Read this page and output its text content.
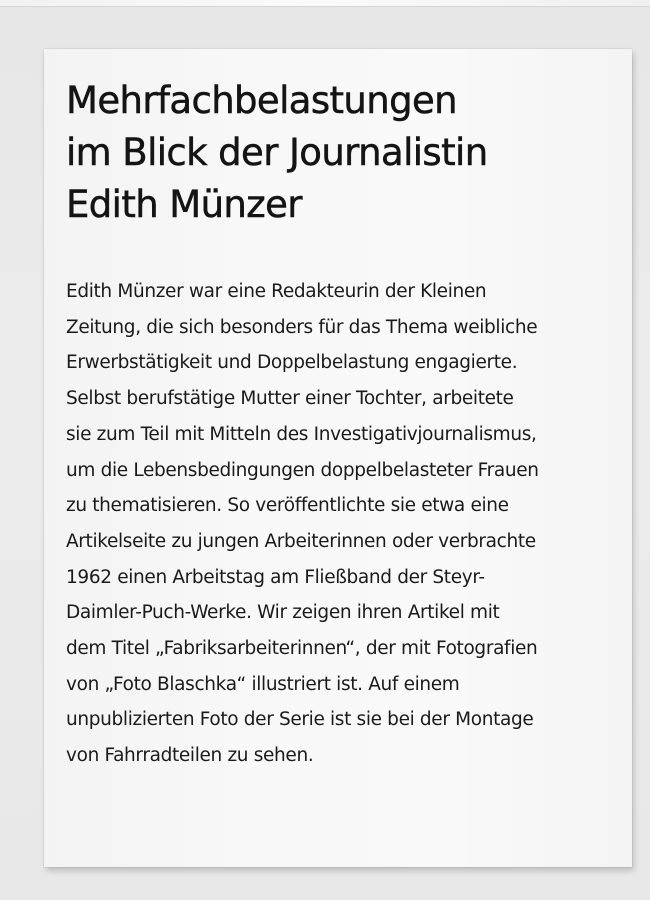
Mehrfachbelastungen
im Blick der Journalistin
Edith Münzer

Edith Münzer war eine Redakteurin der Kleinen
Zeitung, die sich besonders für das Thema weibliche
Erwerbstätigkeit und Doppelbelastung engagierte.
Selbst berufstätige Mutter einer Tochter, arbeitete
sie zum Teil mit Mitteln des Investigativjournalismus,
um die Lebensbedingungen doppelbelasteter Frauen
zu thematisieren. So veröffentlichte sie etwa eine
Artikelseite zu jungen Arbeiterinnen oder verbrachte
1962 einen Arbeitstag am Fließband der Steyr-
Daimler-Puch-Werke. Wir zeigen ihren Artikel mit
dem Titel „Fabriksarbeiterinnen“, der mit Fotografien
von „Foto Blaschka“ illustriert ist. Auf einem
unpublizierten Foto der Serie ist sie bei der Montage
von Fahrradteilen zu sehen.
